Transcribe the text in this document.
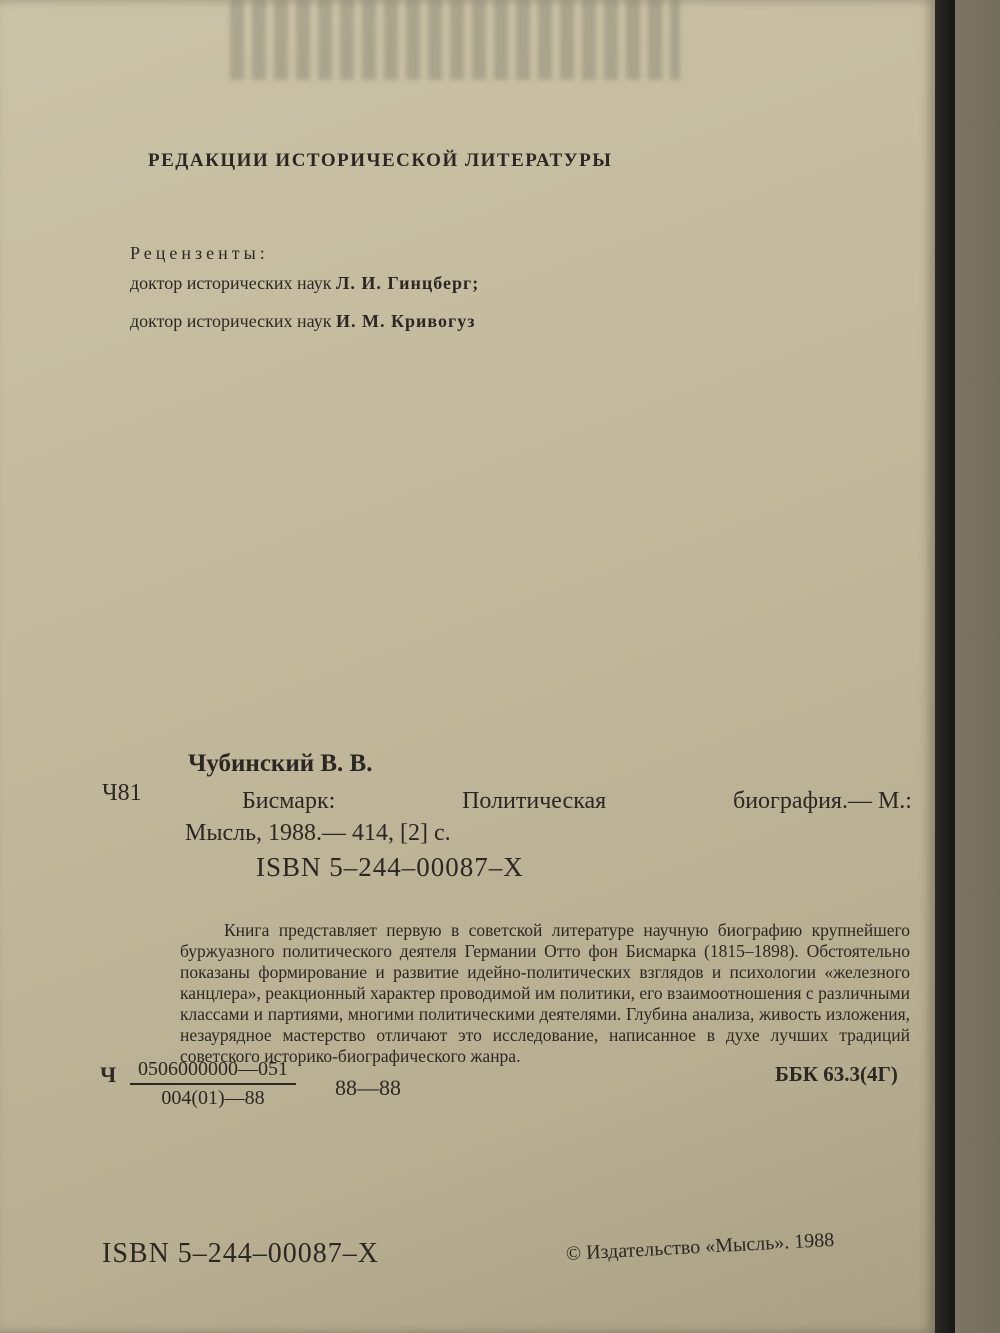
РЕДАКЦИИ ИСТОРИЧЕСКОЙ ЛИТЕРАТУРЫ
Рецензенты:
доктор исторических наук Л. И. Гинцберг;
доктор исторических наук И. М. Кривогуз
Ч81
Чубинский В. В.
Бисмарк:	Политическая	биография.— М.:
Мысль, 1988.— 414, [2] с.
ISBN 5–244–00087–X

Книга представляет первую в советской литературе научную биографию крупнейшего буржуазного политического деятеля Германии Отто фон Бисмарка (1815–1898). Обстоятельно показаны формирование и развитие идейно-политических взглядов и психологии «железного канцлера», реакционный характер проводимой им политики, его взаимоотношения с различными классами и партиями, многими политическими деятелями. Глубина анализа, живость изложения, незаурядное мастерство отличают это исследование, написанное в духе лучших традиций советского историко-биографического жанра.

Ч $\frac{0506000000—051}{004(01)—88}$ 88—88
ББК 63.3(4Г)
ISBN 5–244–00087–X	© Издательство «Мысль». 1988
